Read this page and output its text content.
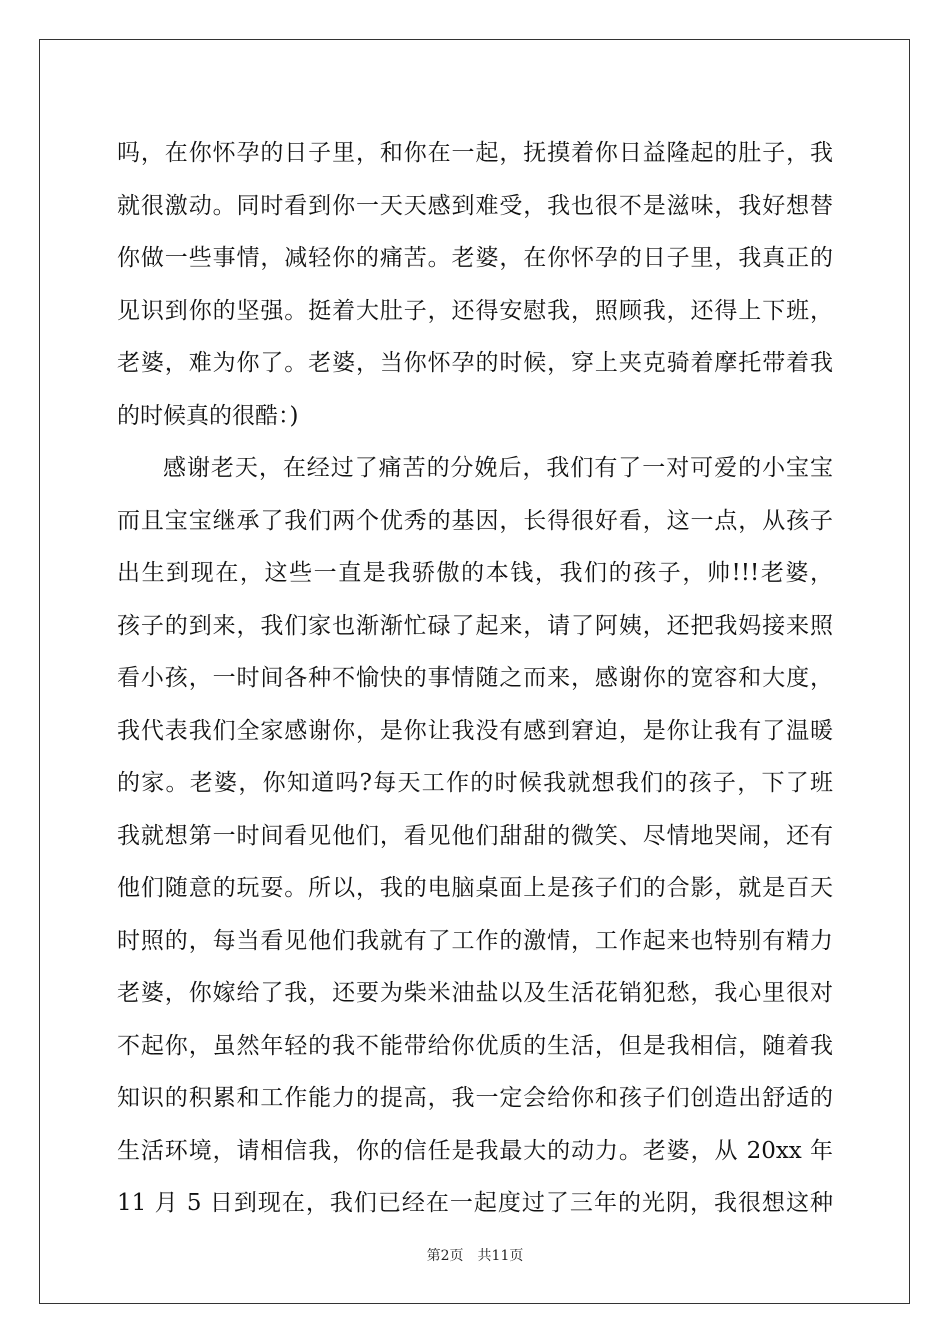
吗，在你怀孕的日子里，和你在一起，抚摸着你日益隆起的肚子，我
就很激动。同时看到你一天天感到难受，我也很不是滋味，我好想替
你做一些事情，减轻你的痛苦。老婆，在你怀孕的日子里，我真正的
见识到你的坚强。挺着大肚子，还得安慰我，照顾我，还得上下班，
老婆，难为你了。老婆，当你怀孕的时候，穿上夹克骑着摩托带着我
的时候真的很酷：)
感谢老天，在经过了痛苦的分娩后，我们有了一对可爱的小宝宝
而且宝宝继承了我们两个优秀的基因，长得很好看，这一点，从孩子
出生到现在，这些一直是我骄傲的本钱，我们的孩子，帅!!!老婆，
孩子的到来，我们家也渐渐忙碌了起来，请了阿姨，还把我妈接来照
看小孩，一时间各种不愉快的事情随之而来，感谢你的宽容和大度，
我代表我们全家感谢你，是你让我没有感到窘迫，是你让我有了温暖
的家。老婆，你知道吗?每天工作的时候我就想我们的孩子，下了班
我就想第一时间看见他们，看见他们甜甜的微笑、尽情地哭闹，还有
他们随意的玩耍。所以，我的电脑桌面上是孩子们的合影，就是百天
时照的，每当看见他们我就有了工作的激情，工作起来也特别有精力
老婆，你嫁给了我，还要为柴米油盐以及生活花销犯愁，我心里很对
不起你，虽然年轻的我不能带给你优质的生活，但是我相信，随着我
知识的积累和工作能力的提高，我一定会给你和孩子们创造出舒适的
生活环境，请相信我，你的信任是我最大的动力。老婆，从 20xx 年
11 月 5 日到现在，我们已经在一起度过了三年的光阴，我很想这种
第2页 共11页
